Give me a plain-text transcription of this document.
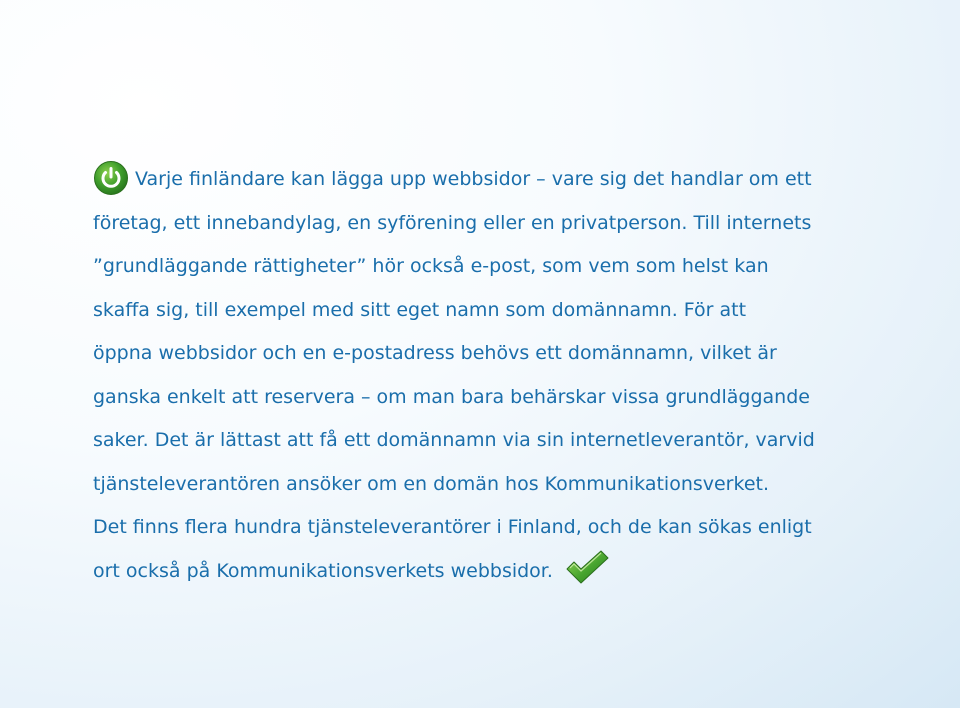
Varje finländare kan lägga upp webbsidor – vare sig det handlar om ett
företag, ett innebandylag, en syförening eller en privatperson. Till internets
”grundläggande rättigheter” hör också e-post, som vem som helst kan
skaffa sig, till exempel med sitt eget namn som domännamn. För att
öppna webbsidor och en e-postadress behövs ett domännamn, vilket är
ganska enkelt att reservera – om man bara behärskar vissa grundläggande
saker. Det är lättast att få ett domännamn via sin internetleverantör, varvid
tjänsteleverantören ansöker om en domän hos Kommunikationsverket.
Det finns flera hundra tjänsteleverantörer i Finland, och de kan sökas enligt
ort också på Kommunikationsverkets webbsidor.
